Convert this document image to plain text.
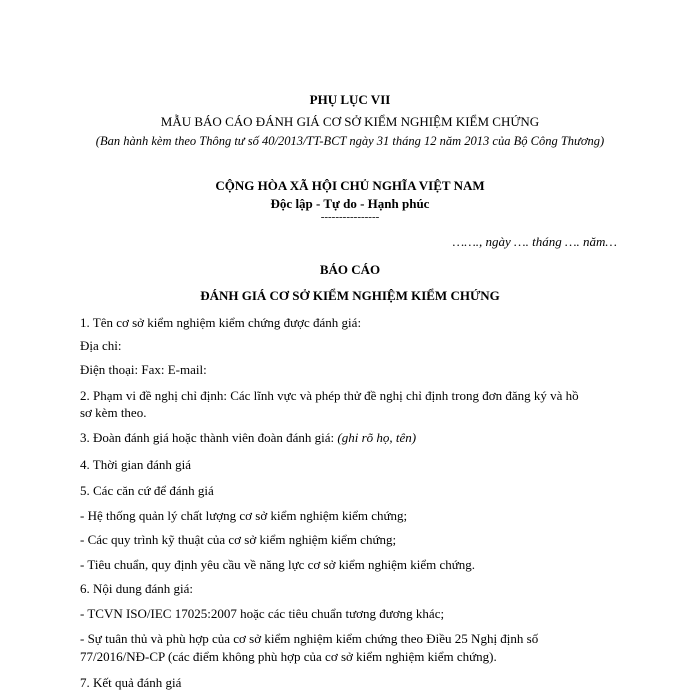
PHỤ LỤC VII
MẪU BÁO CÁO ĐÁNH GIÁ CƠ SỞ KIỂM NGHIỆM KIỂM CHỨNG
(Ban hành kèm theo Thông tư số 40/2013/TT-BCT ngày 31 tháng 12 năm 2013 của Bộ Công Thương)
CỘNG HÒA XÃ HỘI CHỦ NGHĨA VIỆT NAM
Độc lập - Tự do - Hạnh phúc
----------------
……., ngày …. tháng …. năm…
BÁO CÁO
ĐÁNH GIÁ CƠ SỞ KIỂM NGHIỆM KIỂM CHỨNG
1. Tên cơ sở kiểm nghiệm kiểm chứng được đánh giá:
Địa chỉ:
Điện thoại: Fax: E-mail:
2. Phạm vi đề nghị chỉ định: Các lĩnh vực và phép thử đề nghị chỉ định trong đơn đăng ký và hồ
sơ kèm theo.
3. Đoàn đánh giá hoặc thành viên đoàn đánh giá: (ghi rõ họ, tên)
4. Thời gian đánh giá
5. Các căn cứ để đánh giá
- Hệ thống quản lý chất lượng cơ sở kiểm nghiệm kiểm chứng;
- Các quy trình kỹ thuật của cơ sở kiểm nghiệm kiểm chứng;
- Tiêu chuẩn, quy định yêu cầu về năng lực cơ sở kiểm nghiệm kiểm chứng.
6. Nội dung đánh giá:
- TCVN ISO/IEC 17025:2007 hoặc các tiêu chuẩn tương đương khác;
- Sự tuân thủ và phù hợp của cơ sở kiểm nghiệm kiểm chứng theo Điều 25 Nghị định số
77/2016/NĐ-CP (các điểm không phù hợp của cơ sở kiểm nghiệm kiểm chứng).
7. Kết quả đánh giá
